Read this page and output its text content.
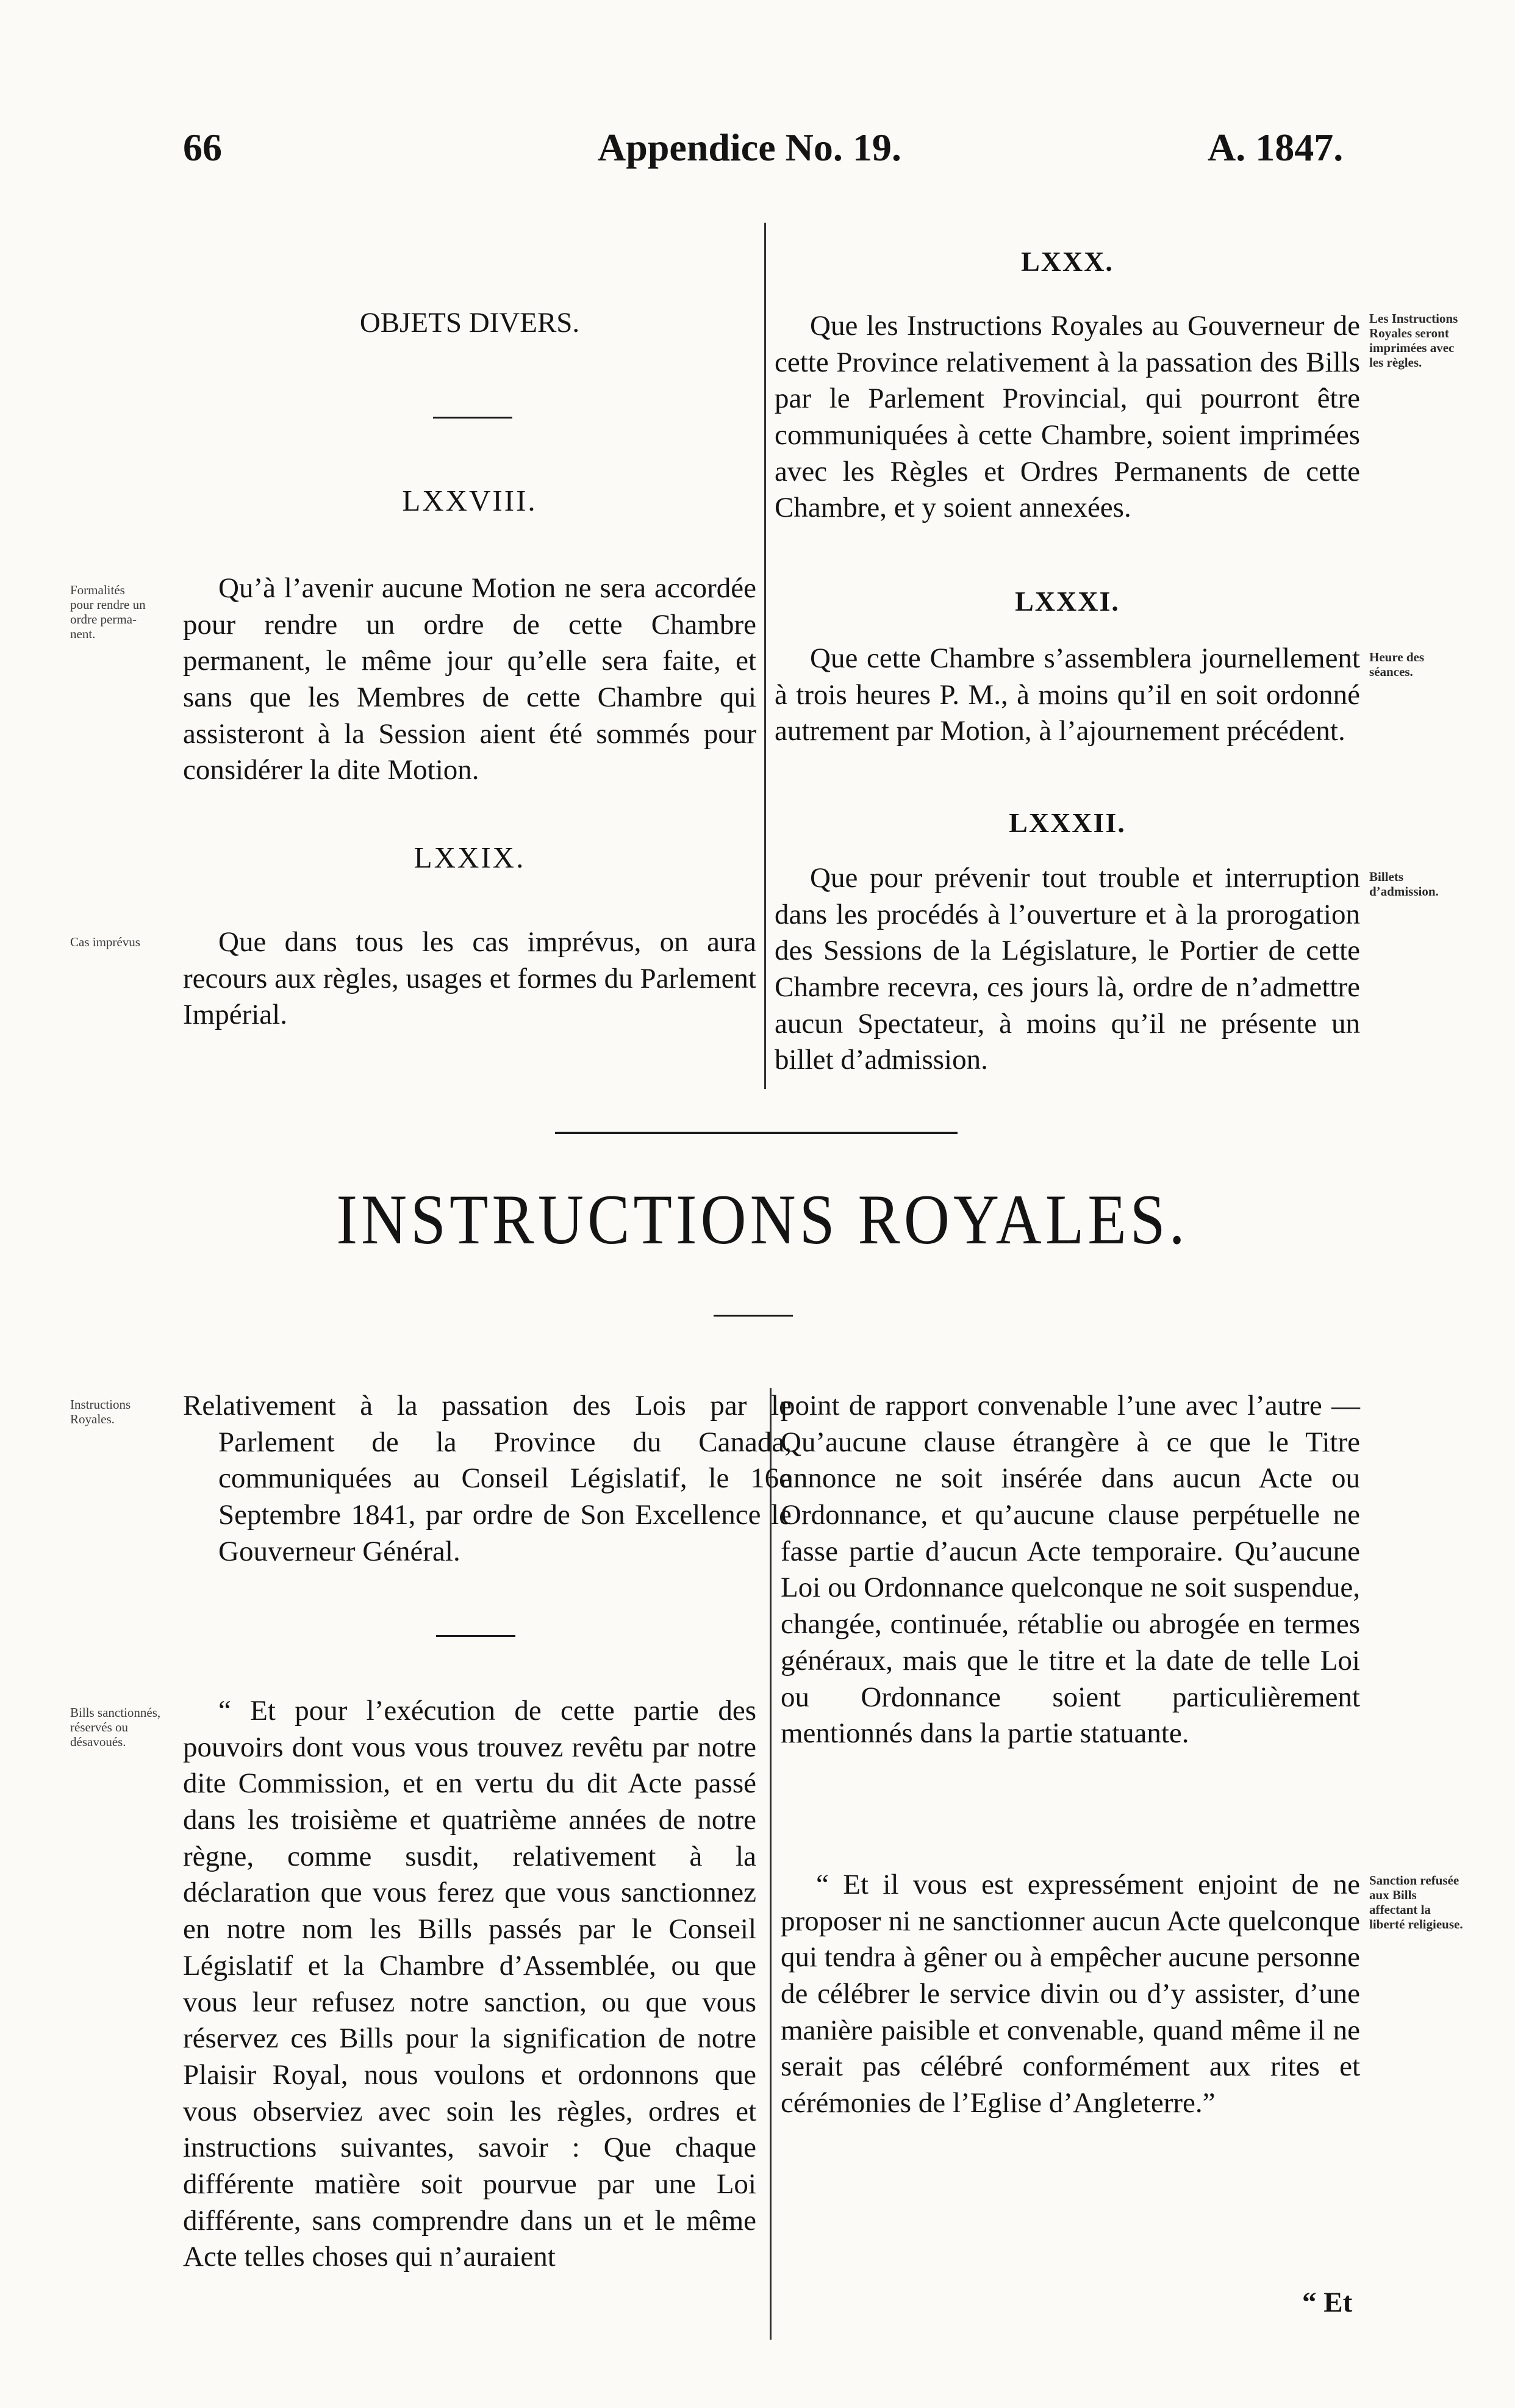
66	Appendice No. 19.	A. 1847.
OBJETS DIVERS.
LXXVIII.
Formalités pour rendre un ordre perma-nent.

Qu’à l’avenir aucune Motion ne sera accordée pour rendre un ordre de cette Chambre permanent, le même jour qu’elle sera faite, et sans que les Membres de cette Chambre qui assisteront à la Session aient été sommés pour considérer la dite Motion.

LXXIX.
Cas imprévus	Que dans tous les cas imprévus, on aura recours aux règles, usages et formes du Parlement Impérial.

LXXX.

Que les Instructions Royales au Gouverneur de cette Province relativement à la passation des Bills par le Parlement Provincial, qui pourront être communiquées à cette Chambre, soient imprimées avec les Règles et Ordres Permanents de cette Chambre, et y soient annexées.

Les Instructions Royales seront imprimées avec les règles.
LXXXI.

Que cette Chambre s’assemblera journellement à trois heures P. M., à moins qu’il en soit ordonné autrement par Motion, à l’ajournement précédent.

Heure des séances.
LXXXII.

Que pour prévenir tout trouble et interruption dans les procédés à l’ouverture et à la prorogation des Sessions de la Législature, le Portier de cette Chambre recevra, ces jours là, ordre de n’admettre aucun Spectateur, à moins qu’il ne présente un billet d’admission.

Billets d’admission.
INSTRUCTIONS ROYALES.
Instructions Royales.	Relativement à la passation des Lois par le Parlement de la Province du Canada, communiquées au Conseil Législatif, le 16e Septembre 1841, par ordre de Son Excellence le Gouverneur Général.

Bills sanctionnés, réservés ou désavoués.

“ Et pour l’exécution de cette partie des pouvoirs dont vous vous trouvez revêtu par notre dite Commission, et en vertu du dit Acte passé dans les troisième et quatrième années de notre règne, comme susdit, relativement à la déclaration que vous ferez que vous sanctionnez en notre nom les Bills passés par le Conseil Législatif et la Chambre d’Assemblée, ou que vous leur refusez notre sanction, ou que vous réservez ces Bills pour la signification de notre Plaisir Royal, nous voulons et ordonnons que vous observiez avec soin les règles, ordres et instructions suivantes, savoir : Que chaque différente matière soit pourvue par une Loi différente, sans comprendre dans un et le même Acte telles choses qui n’auraient

point de rapport convenable l’une avec l’autre —Qu’aucune clause étrangère à ce que le Titre annonce ne soit insérée dans aucun Acte ou Ordonnance, et qu’aucune clause perpétuelle ne fasse partie d’aucun Acte temporaire. Qu’aucune Loi ou Ordonnance quelconque ne soit suspendue, changée, continuée, rétablie ou abrogée en termes généraux, mais que le titre et la date de telle Loi ou Ordonnance soient particulièrement mentionnés dans la partie statuante.

Sanction refusée aux Bills affectant la liberté religieuse.

“ Et il vous est expressément enjoint de ne proposer ni ne sanctionner aucun Acte quelconque qui tendra à gêner ou à empêcher aucune personne de célébrer le service divin ou d’y assister, d’une manière paisible et convenable, quand même il ne serait pas célébré conformément aux rites et cérémonies de l’Eglise d’Angleterre.”

“ Et
